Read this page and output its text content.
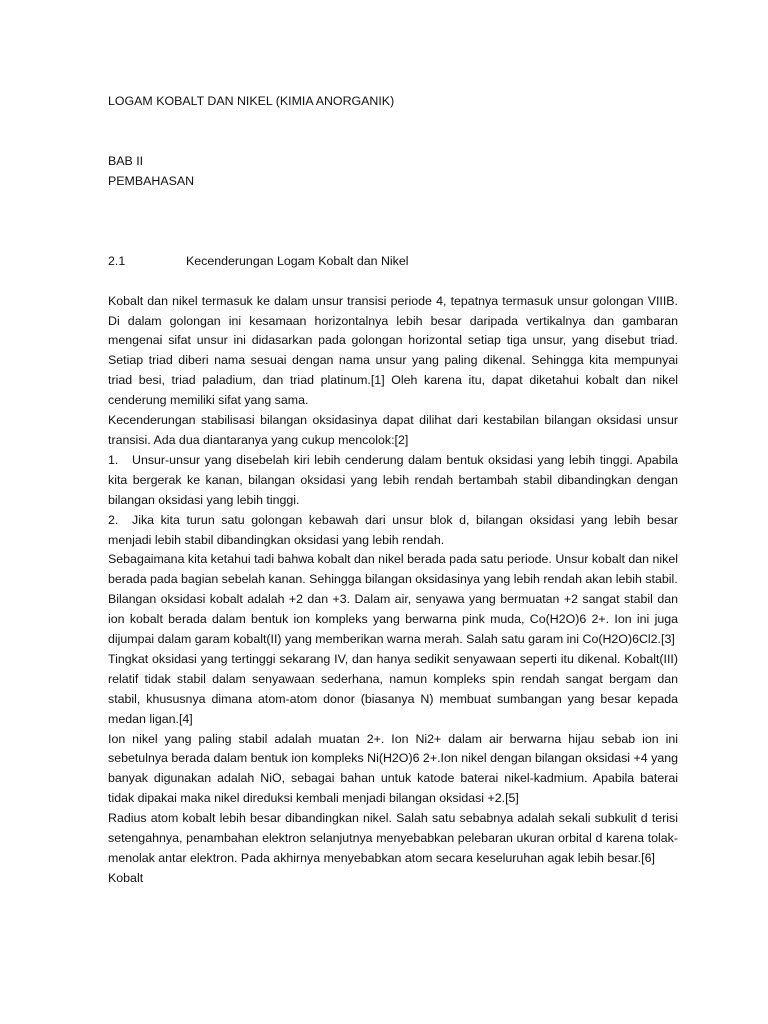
LOGAM KOBALT DAN NIKEL (KIMIA ANORGANIK)
BAB II
PEMBAHASAN
2.1	Kecenderungan Logam Kobalt dan Nikel

Kobalt dan nikel termasuk ke dalam unsur transisi periode 4, tepatnya termasuk unsur golongan VIIIB. Di dalam golongan ini kesamaan horizontalnya lebih besar daripada vertikalnya dan gambaran mengenai sifat unsur ini didasarkan pada golongan horizontal setiap tiga unsur, yang disebut triad. Setiap triad diberi nama sesuai dengan nama unsur yang paling dikenal. Sehingga kita mempunyai triad besi, triad paladium, dan triad platinum.[1] Oleh karena itu, dapat diketahui kobalt dan nikel cenderung memiliki sifat yang sama.

Kecenderungan stabilisasi bilangan oksidasinya dapat dilihat dari kestabilan bilangan oksidasi unsur transisi. Ada dua diantaranya yang cukup mencolok:[2]

1. Unsur-unsur yang disebelah kiri lebih cenderung dalam bentuk oksidasi yang lebih tinggi. Apabila kita bergerak ke kanan, bilangan oksidasi yang lebih rendah bertambah stabil dibandingkan dengan bilangan oksidasi yang lebih tinggi.

2. Jika kita turun satu golongan kebawah dari unsur blok d, bilangan oksidasi yang lebih besar menjadi lebih stabil dibandingkan oksidasi yang lebih rendah.

Sebagaimana kita ketahui tadi bahwa kobalt dan nikel berada pada satu periode. Unsur kobalt dan nikel berada pada bagian sebelah kanan. Sehingga bilangan oksidasinya yang lebih rendah akan lebih stabil.

Bilangan oksidasi kobalt adalah +2 dan +3. Dalam air, senyawa yang bermuatan +2 sangat stabil dan ion kobalt berada dalam bentuk ion kompleks yang berwarna pink muda, Co(H2O)6 2+. Ion ini juga dijumpai dalam garam kobalt(II) yang memberikan warna merah. Salah satu garam ini Co(H2O)6Cl2.[3]

Tingkat oksidasi yang tertinggi sekarang IV, dan hanya sedikit senyawaan seperti itu dikenal. Kobalt(III) relatif tidak stabil dalam senyawaan sederhana, namun kompleks spin rendah sangat bergam dan stabil, khususnya dimana atom-atom donor (biasanya N) membuat sumbangan yang besar kepada medan ligan.[4]

Ion nikel yang paling stabil adalah muatan 2+. Ion Ni2+ dalam air berwarna hijau sebab ion ini sebetulnya berada dalam bentuk ion kompleks Ni(H2O)6 2+.Ion nikel dengan bilangan oksidasi +4 yang banyak digunakan adalah NiO, sebagai bahan untuk katode baterai nikel-kadmium. Apabila baterai tidak dipakai maka nikel direduksi kembali menjadi bilangan oksidasi +2.[5]

Radius atom kobalt lebih besar dibandingkan nikel. Salah satu sebabnya adalah sekali subkulit d terisi setengahnya, penambahan elektron selanjutnya menyebabkan pelebaran ukuran orbital d karena tolak-menolak antar elektron. Pada akhirnya menyebabkan atom secara keseluruhan agak lebih besar.[6]

Kobalt
